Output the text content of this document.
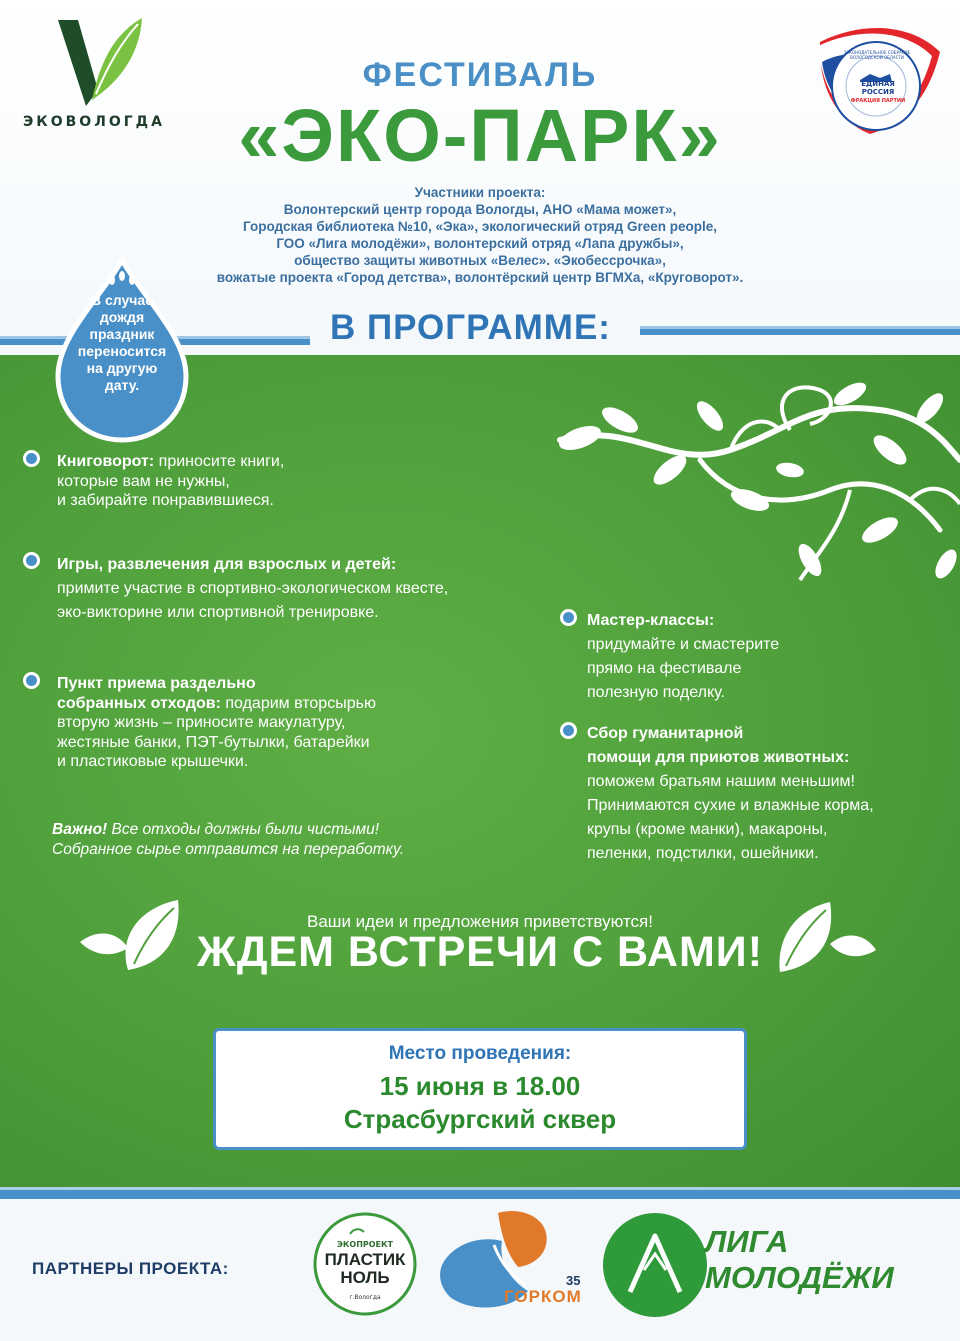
ЭКОВОЛОГДА
ЕДИНАЯ
РОССИЯ
ФРАКЦИЯ ПАРТИИ
ЗАКОНОДАТЕЛЬНОЕ СОБРАНИЕ ВОЛОГОДСКОЙ ОБЛАСТИ
ФЕСТИВАЛЬ
«ЭКО-ПАРК»
Участники проекта:
Волонтерский центр города Вологды, АНО «Мама может»,
Городская библиотека №10, «Эка», экологический отряд Green people,
ГОО «Лига молодёжи», волонтерский отряд «Лапа дружбы»,
общество защиты животных «Велес». «Экобессрочка»,
вожатые проекта «Город детства», волонтёрский центр ВГМХа, «Круговорот».
В ПРОГРАММЕ:
В случае
дождя
праздник
переносится
на другую
дату.
Книговорот: приносите книги,
которые вам не нужны,
и забирайте понравившиеся.
Игры, развлечения для взрослых и детей:
примите участие в спортивно-экологическом квесте,
эко-викторине или спортивной тренировке.
Пункт приема раздельно
собранных отходов: подарим вторсырью
вторую жизнь – приносите макулатуру,
жестяные банки, ПЭТ-бутылки, батарейки
и пластиковые крышечки.
Важно! Все отходы должны были чистыми!
Собранное сырье отправится на переработку.
Мастер-классы:
придумайте и смастерите
прямо на фестивале
полезную поделку.
Сбор гуманитарной
помощи для приютов животных:
поможем братьям нашим меньшим!
Принимаются сухие и влажные корма,
крупы (кроме манки), макароны,
пеленки, подстилки, ошейники.
Ваши идеи и предложения приветствуются!
ЖДЕМ ВСТРЕЧИ С ВАМИ!
Место проведения:
15 июня в 18.00
Страсбургский сквер
ПАРТНЕРЫ ПРОЕКТА:
ЭКОПРОЕКТ
ПЛАСТИК
НОЛЬ
г.Вологда
35
ГОРКОМ
ЛИГА
МОЛОДЁЖИ
